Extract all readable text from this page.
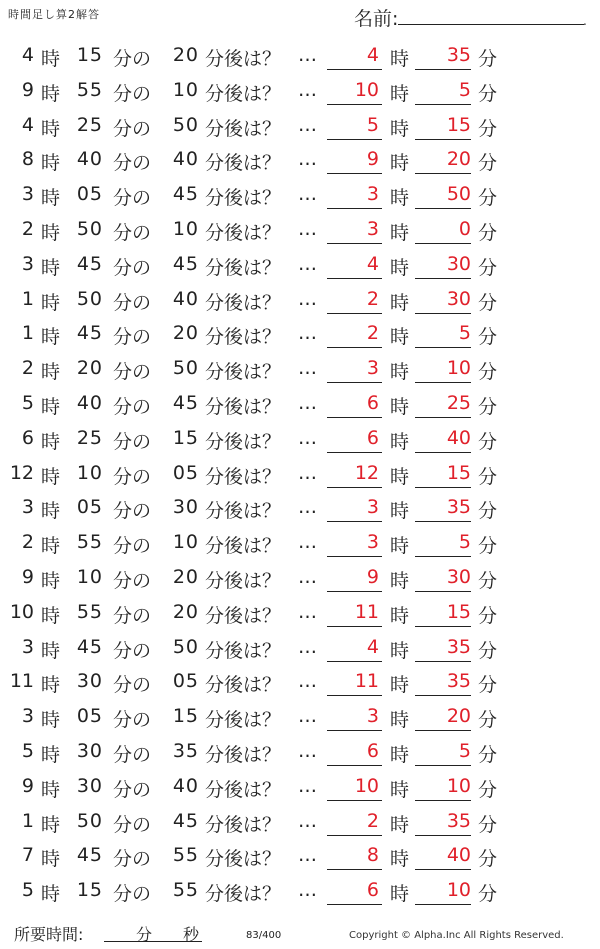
時間足し算2解答	名前:	.
4 時 15 分の	20 分後は？ …	4 時	35 分
9 時 55 分の	10 分後は？ …	10 時	5 分
4 時 25 分の	50 分後は？ …	5 時	15 分
8 時 40 分の	40 分後は？ …	9 時	20 分
3 時 05 分の	45 分後は？ …	3 時	50 分
2 時 50 分の	10 分後は？ …	3 時	0 分
3 時 45 分の	45 分後は？ …	4 時	30 分
1 時 50 分の	40 分後は？ …	2 時	30 分
1 時 45 分の	20 分後は？ …	2 時	5 分
2 時 20 分の	50 分後は？ …	3 時	10 分
5 時 40 分の	45 分後は？ …	6 時	25 分
6 時 25 分の	15 分後は？ …	6 時	40 分
12 時 10 分の	05 分後は？ …	12 時	15 分
3 時 05 分の	30 分後は？ …	3 時	35 分
2 時 55 分の	10 分後は？ …	3 時	5 分
9 時 10 分の	20 分後は？ …	9 時	30 分
10 時 55 分の	20 分後は？ …	11 時	15 分
3 時 45 分の	50 分後は？ …	4 時	35 分
11 時 30 分の	05 分後は？ …	11 時	35 分
3 時 05 分の	15 分後は？ …	3 時	20 分
5 時 30 分の	35 分後は？ …	6 時	5 分
9 時 30 分の	40 分後は？ …	10 時	10 分
1 時 50 分の	45 分後は？ …	2 時	35 分
7 時 45 分の	55 分後は？ …	8 時	40 分
5 時 15 分の	55 分後は？ …	6 時	10 分
所要時間:	分 秒	83/400	Copyright © Alpha.Inc All Rights Reserved.
